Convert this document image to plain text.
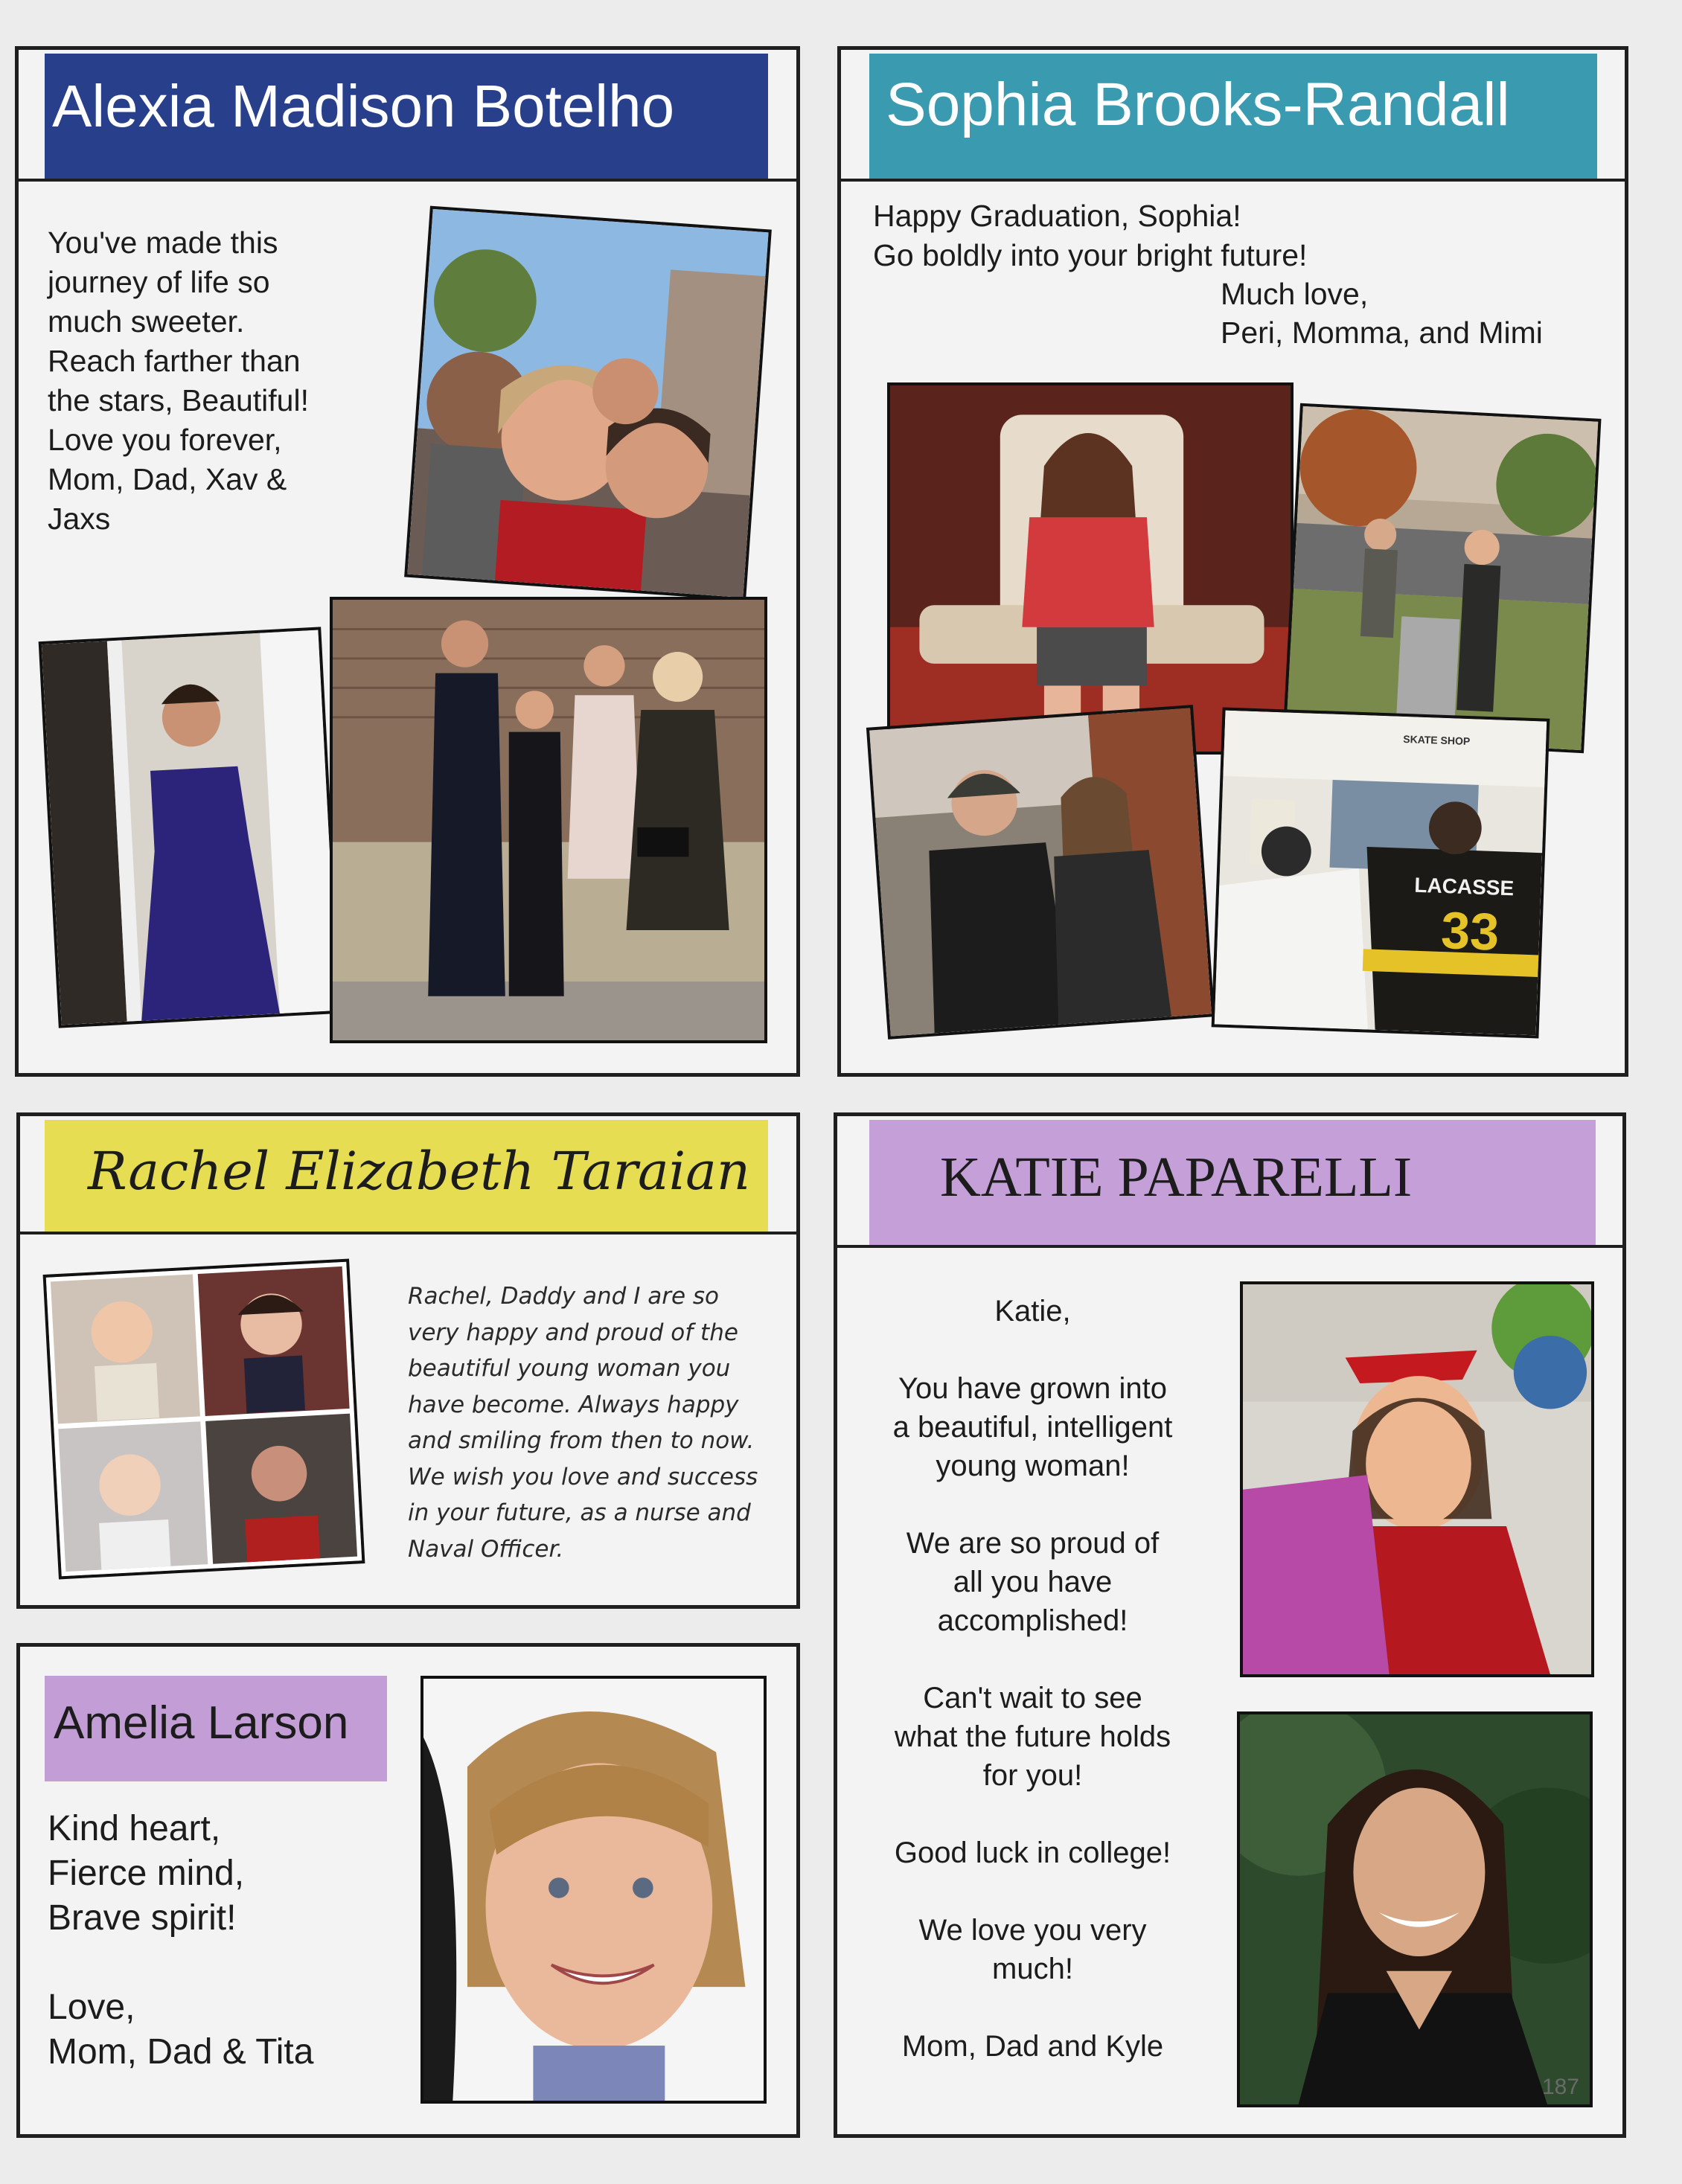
Alexia Madison Botelho
You've made this
journey of life so
much sweeter.
Reach farther than
the stars, Beautiful!
Love you forever,
Mom, Dad, Xav &
Jaxs
Sophia Brooks-Randall
Happy Graduation, Sophia!
Go boldly into your bright future!
Much love,
Peri, Momma, and Mimi
SKATE SHOP
LACASSE
33
Rachel Elizabeth Taraian
Rachel, Daddy and I are so
very happy and proud of the
beautiful young woman you
have become. Always happy
and smiling from then to now.
We wish you love and success
in your future, as a nurse and
Naval Officer.
Amelia Larson
Kind heart,
Fierce mind,
Brave spirit!

Love,
Mom, Dad & Tita
KATIE PAPARELLI
Katie,

You have grown into
a beautiful, intelligent
young woman!

We are so proud of
all you have
accomplished!

Can't wait to see
what the future holds
for you!

Good luck in college!

We love you very
much!

Mom, Dad and Kyle
187
